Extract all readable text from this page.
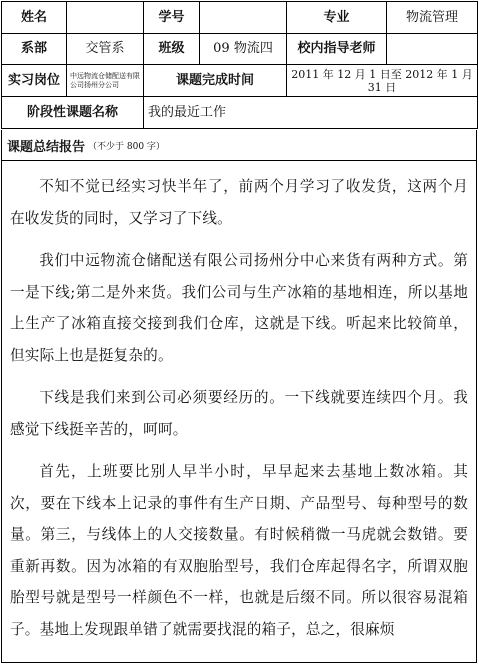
姓名		学号		专业	物流管理
系部	交管系	班级	09 物流四	校内指导老师	
实习岗位	中远物流仓储配送有限公司扬州分公司	课题完成时间		2011 年 12 月 1 日至 2012 年 1 月 31 日	
阶段性课题名称		我的最近工作			
课题总结报告 （不少于 800 字）

不知不觉已经实习快半年了，前两个月学习了收发货，这两个月在收发货的同时，又学习了下线。

我们中远物流仓储配送有限公司扬州分中心来货有两种方式。第一是下线;第二是外来货。我们公司与生产冰箱的基地相连，所以基地上生产了冰箱直接交接到我们仓库，这就是下线。听起来比较简单，但实际上也是挺复杂的。

下线是我们来到公司必须要经历的。一下线就要连续四个月。我感觉下线挺辛苦的，呵呵。

首先，上班要比别人早半小时，早早起来去基地上数冰箱。其次，要在下线本上记录的事件有生产日期、产品型号、每种型号的数量。第三，与线体上的人交接数量。有时候稍微一马虎就会数错。要重新再数。因为冰箱的有双胞胎型号，我们仓库起得名字，所谓双胞胎型号就是型号一样颜色不一样，也就是后缀不同。所以很容易混箱子。基地上发现跟单错了就需要找混的箱子，总之，很麻烦
